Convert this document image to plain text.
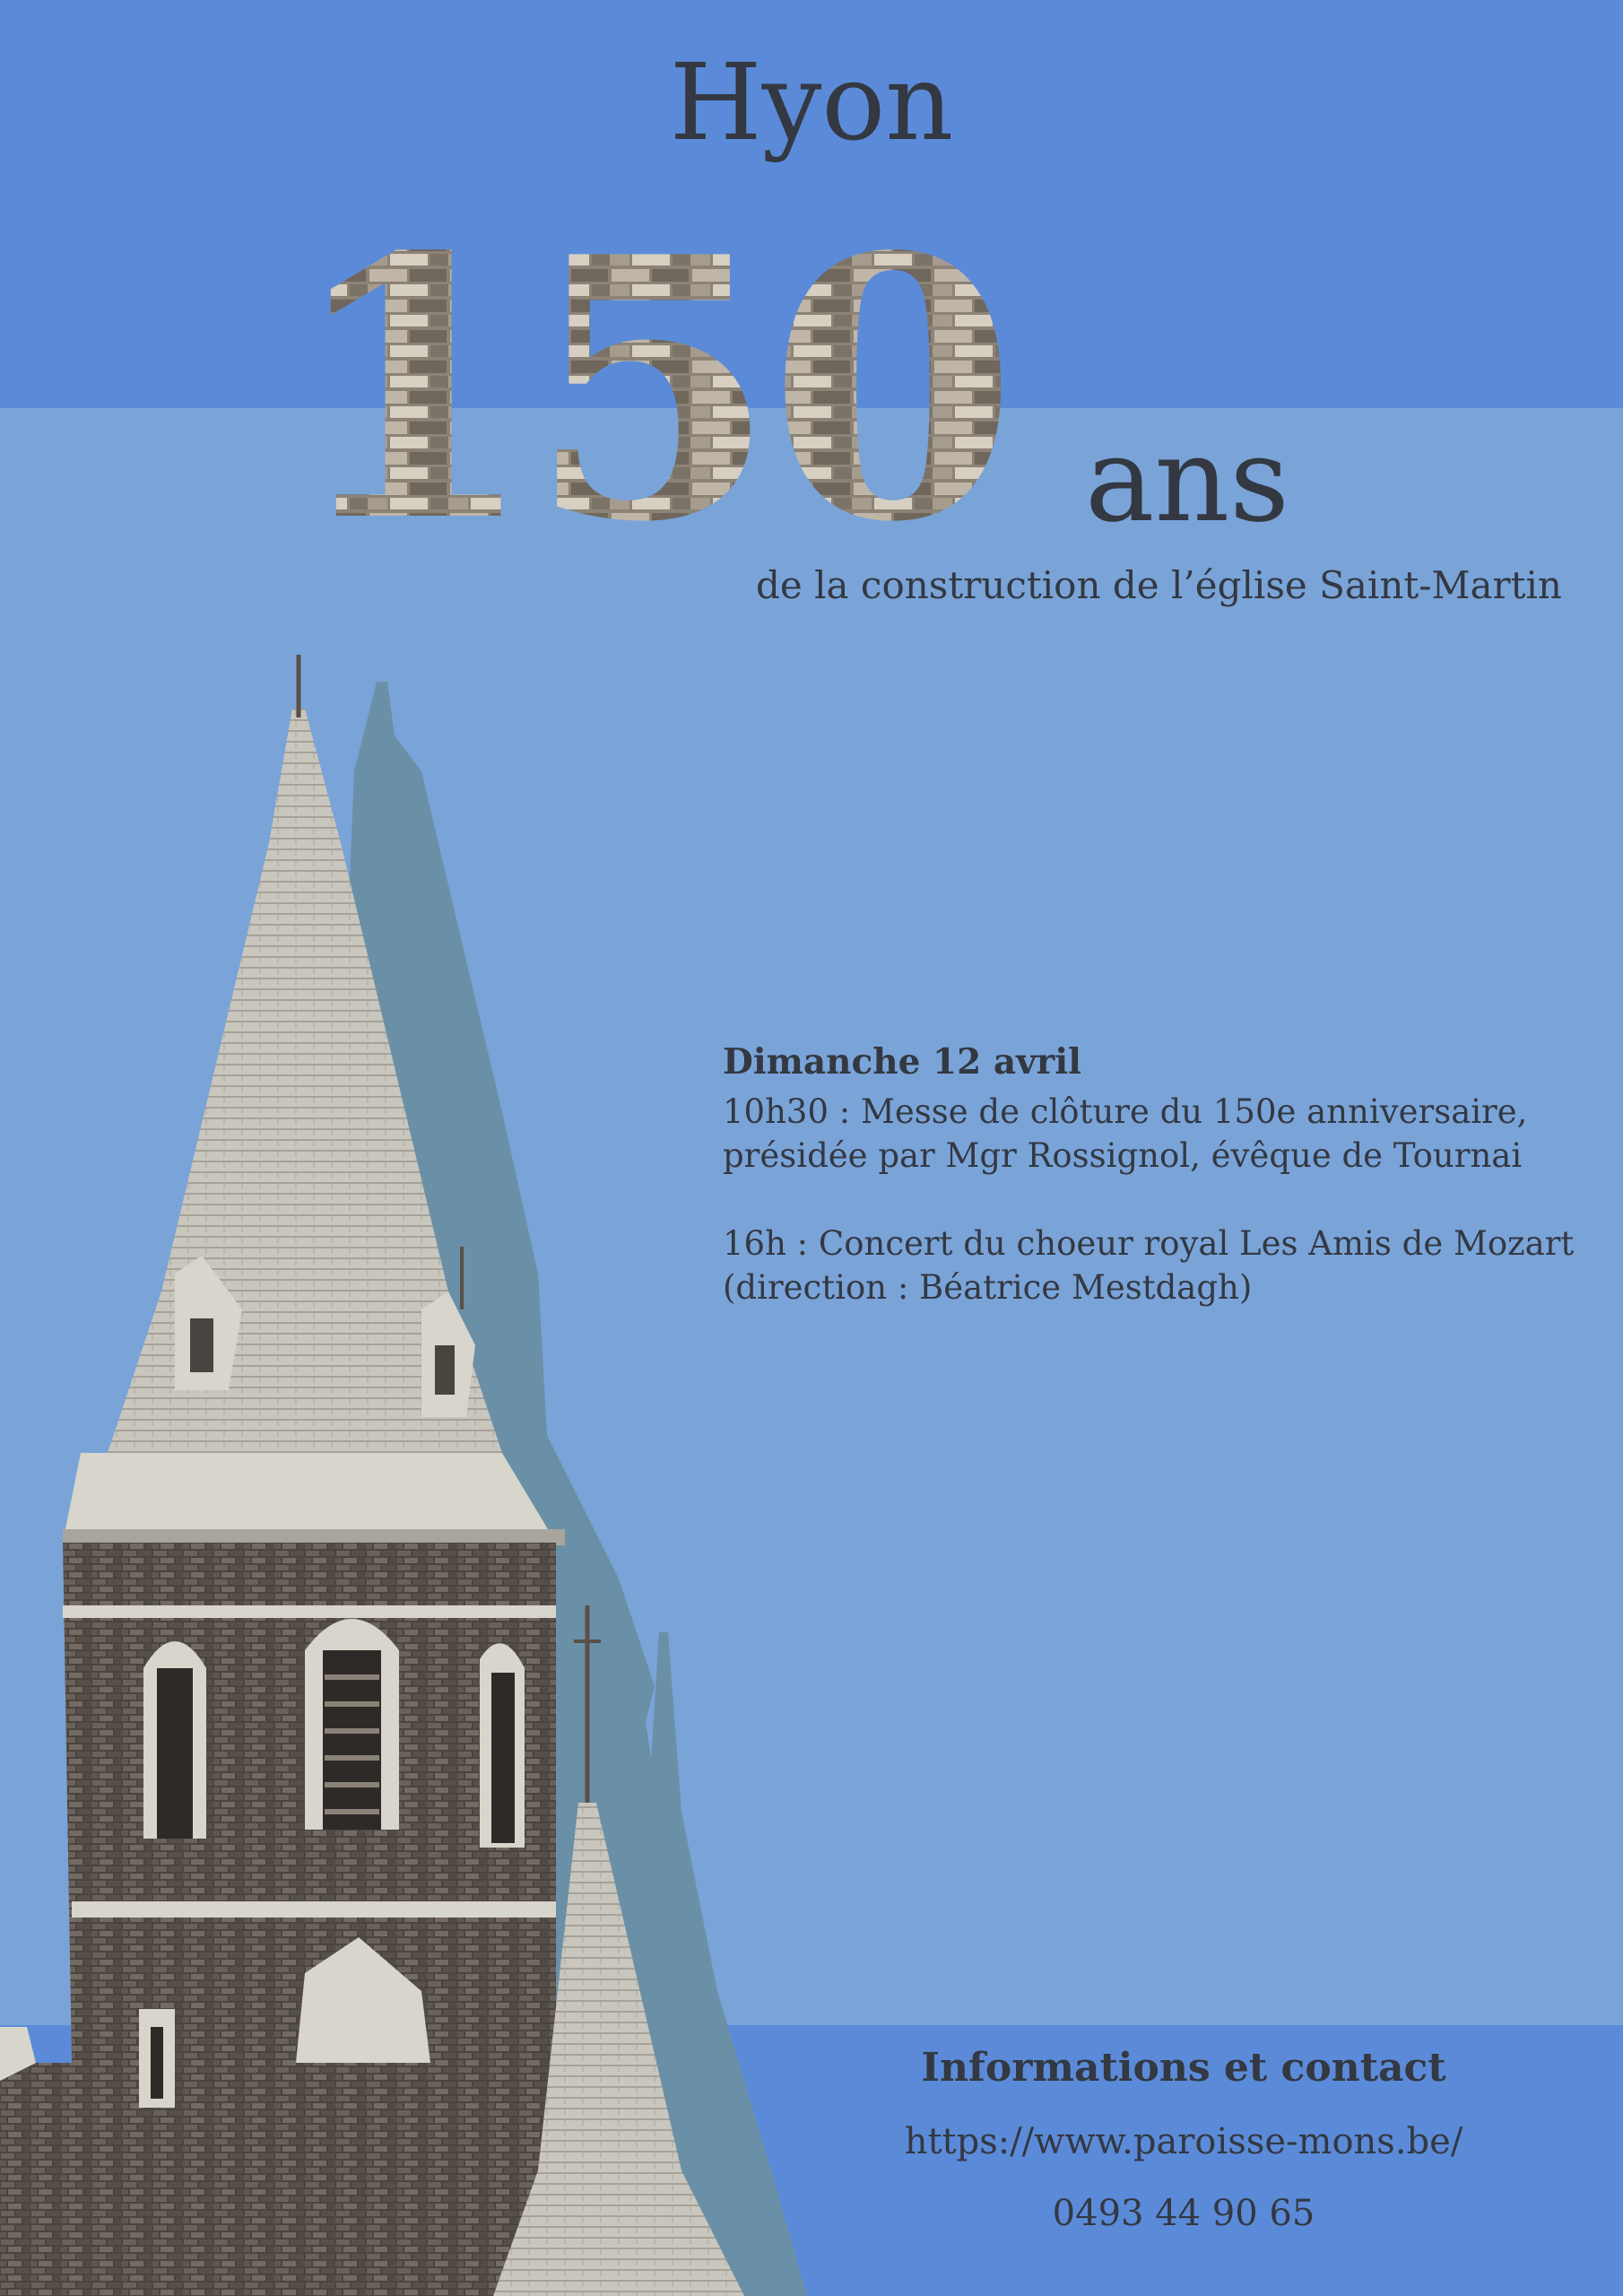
Hyon
150 ans
de la construction de l’église Saint-Martin

Dimanche 12 avril

10h30 : Messe de clôture du 150e anniversaire,

présidée par Mgr Rossignol, évêque de Tournai

16h : Concert du choeur royal Les Amis de Mozart

(direction : Béatrice Mestdagh)

Informations et contact
https://www.paroisse-mons.be/
0493 44 90 65
